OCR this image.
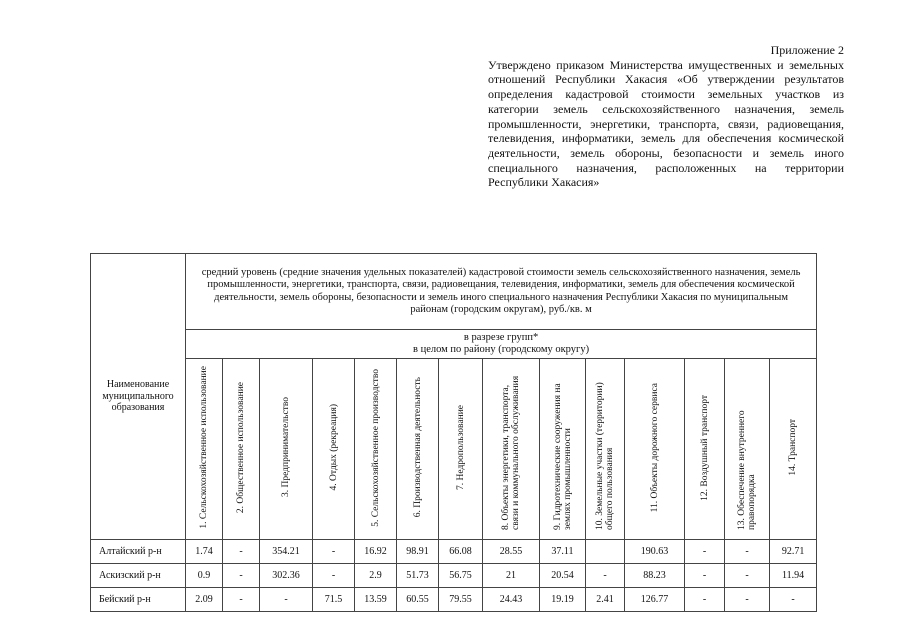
Приложение 2
Утверждено приказом Министерства имущественных и земельных отношений Республики Хакасия «Об утверждении результатов определения кадастровой стоимости земельных участков из категории земель сельскохозяйственного назначения, земель промышленности, энергетики, транспорта, связи, радиовещания, телевидения, информатики, земель для обеспечения космической деятельности, земель обороны, безопасности и земель иного специального назначения, расположенных на территории Республики Хакасия»
Наименование муниципального образования	средний уровень (средние значения удельных показателей) кадастровой стоимости земель сельскохозяйственного назначения, земель промышленности, энергетики, транспорта, связи, радиовещания, телевидения, информатики, земель для обеспечения космической деятельности, земель обороны, безопасности и земель иного специального назначения Республики Хакасия по муниципальным районам (городским округам), руб./кв. м													

	в разрезе групп*
в целом по району (городскому округу)													

	1. Сельскохозяйственное использование	2. Общественное использование	3. Предпринимательство	4. Отдых (рекреация)	5. Сельскохозяйственное производство	6. Производственная деятельность	7. Недропользование	8. Объекты энергетики, транспорта, связи и коммунального обслуживания	9. Гидротехнические сооружения на землях промышленности	10. Земельные участки (территории) общего пользования	11. Объекты дорожного сервиса	12. Воздушный транспорт	13. Обеспечение внутреннего правопорядка	14. Транспорт
Алтайский р-н	1.74	-	354.21	-	16.92	98.91	66.08	28.55	37.11		190.63	-	-	92.71
Аскизский р-н	0.9	-	302.36	-	2.9	51.73	56.75	21	20.54	-	88.23	-	-	11.94
Бейский р-н	2.09	-	-	71.5	13.59	60.55	79.55	24.43	19.19	2.41	126.77	-	-	-
